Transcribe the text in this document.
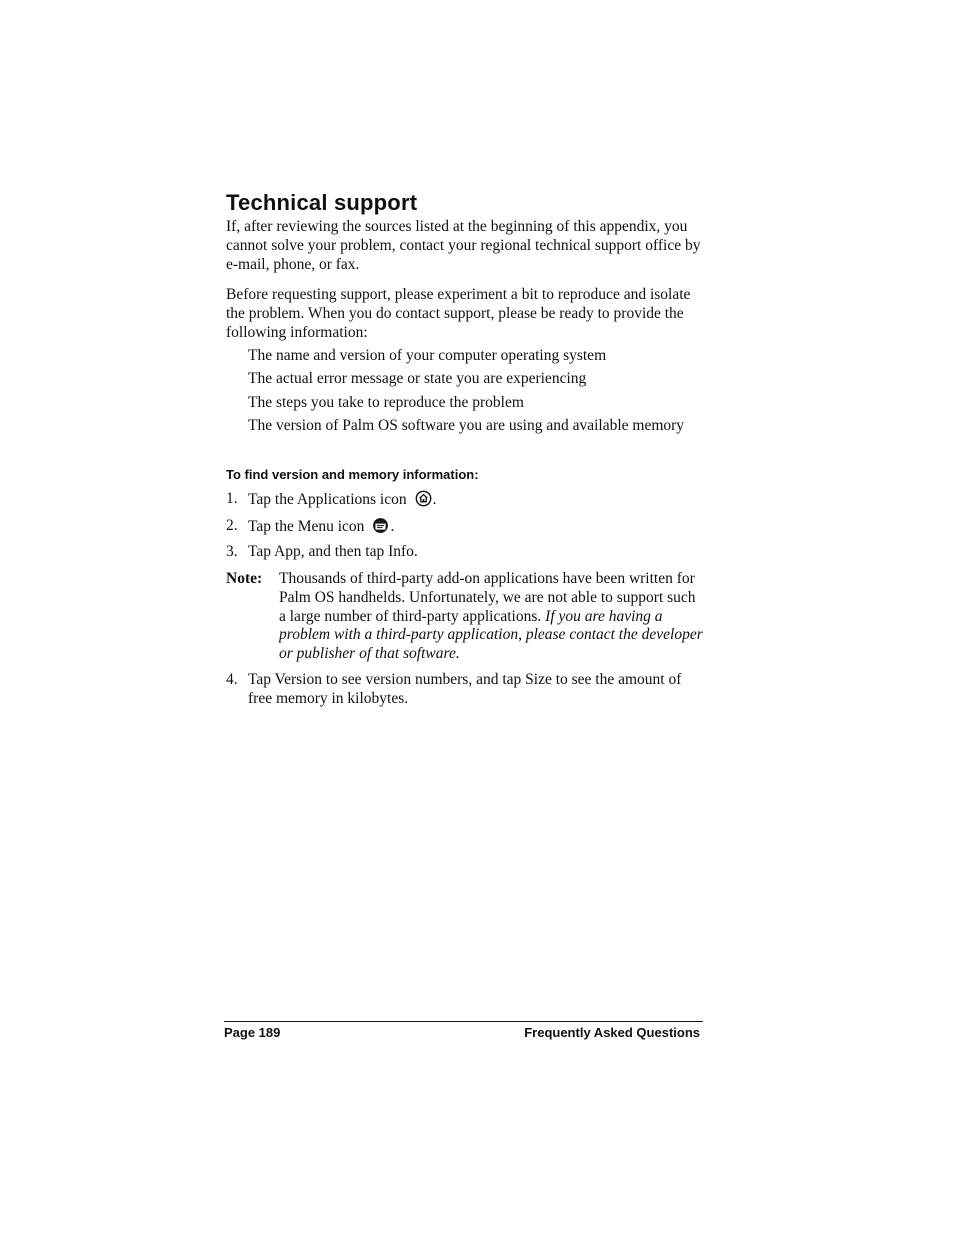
Technical support

If, after reviewing the sources listed at the beginning of this appendix, you cannot solve your problem, contact your regional technical support office by e-mail, phone, or fax.

Before requesting support, please experiment a bit to reproduce and isolate the problem. When you do contact support, please be ready to provide the following information:

The name and version of your computer operating system
The actual error message or state you are experiencing
The steps you take to reproduce the problem
The version of Palm OS software you are using and available memory
To find version and memory information:
1. Tap the Applications icon .
2. Tap the Menu icon .
3. Tap App, and then tap Info.
Note: Thousands of third-party add-on applications have been written for Palm OS handhelds. Unfortunately, we are not able to support such a large number of third-party applications. If you are having a problem with a third-party application, please contact the developer or publisher of that software.
4. Tap Version to see version numbers, and tap Size to see the amount of free memory in kilobytes.
Page 189	Frequently Asked Questions
